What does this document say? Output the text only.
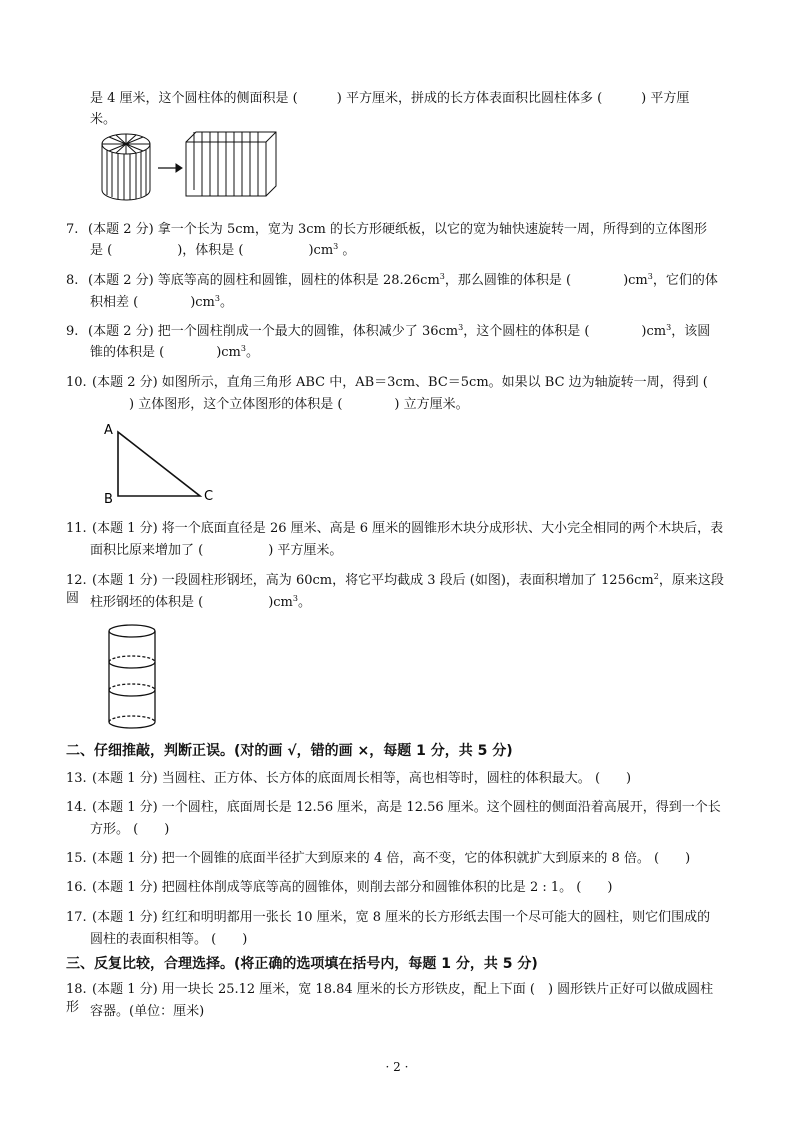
是 4 厘米，这个圆柱体的侧面积是 (　　　) 平方厘米，拼成的长方体表面积比圆柱体多 (　　　) 平方厘
米。
7. (本题 2 分) 拿一个长为 5cm，宽为 3cm 的长方形硬纸板，以它的宽为轴快速旋转一周，所得到的立体图形
是 (　　　　　)，体积是 (　　　　　)$cm^3$ 。
8. (本题 2 分) 等底等高的圆柱和圆锥，圆柱的体积是 $28.26cm^3$，那么圆锥的体积是 (　　　　)$cm^3$，它们的体
积相差 (　　　　)$cm^3$。
9. (本题 2 分) 把一个圆柱削成一个最大的圆锥，体积减少了 $36cm^3$，这个圆柱的体积是 (　　　　)$cm^3$，该圆
锥的体积是 (　　　　)$cm^3$。
10. (本题 2 分) 如图所示，直角三角形 ABC 中，AB＝3cm、BC＝5cm。如果以 BC 边为轴旋转一周，得到 (
　　　) 立体图形，这个立体图形的体积是 (　　　　) 立方厘米。
A
B	C
11. (本题 1 分) 将一个底面直径是 26 厘米、高是 6 厘米的圆锥形木块分成形状、大小完全相同的两个木块后，表
面积比原来增加了 (　　　　　) 平方厘米。
12. (本题 1 分) 一段圆柱形钢坯，高为 60cm，将它平均截成 3 段后 (如图)，表面积增加了 $1256cm^2$，原来这段圆 柱形钢坯的体积是 (　　　　　)$cm^3$。
二、仔细推敲，判断正误。(对的画 √，错的画 ×，每题 1 分，共 5 分)
13. (本题 1 分) 当圆柱、正方体、长方体的底面周长相等，高也相等时，圆柱的体积最大。 (　　)
14. (本题 1 分) 一个圆柱，底面周长是 12.56 厘米，高是 12.56 厘米。这个圆柱的侧面沿着高展开，得到一个长
方形。 (　　)
15. (本题 1 分) 把一个圆锥的底面半径扩大到原来的 4 倍，高不变，它的体积就扩大到原来的 8 倍。 (　　)
16. (本题 1 分) 把圆柱体削成等底等高的圆锥体，则削去部分和圆锥体积的比是 2 : 1。 (　　)
17. (本题 1 分) 红红和明明都用一张长 10 厘米，宽 8 厘米的长方形纸去围一个尽可能大的圆柱，则它们围成的
圆柱的表面积相等。 (　　)
三、反复比较，合理选择。(将正确的选项填在括号内，每题 1 分，共 5 分)
18. (本题 1 分) 用一块长 25.12 厘米，宽 18.84 厘米的长方形铁皮，配上下面 (　) 圆形铁片正好可以做成圆柱形 容器。(单位：厘米)
· 2 ·
